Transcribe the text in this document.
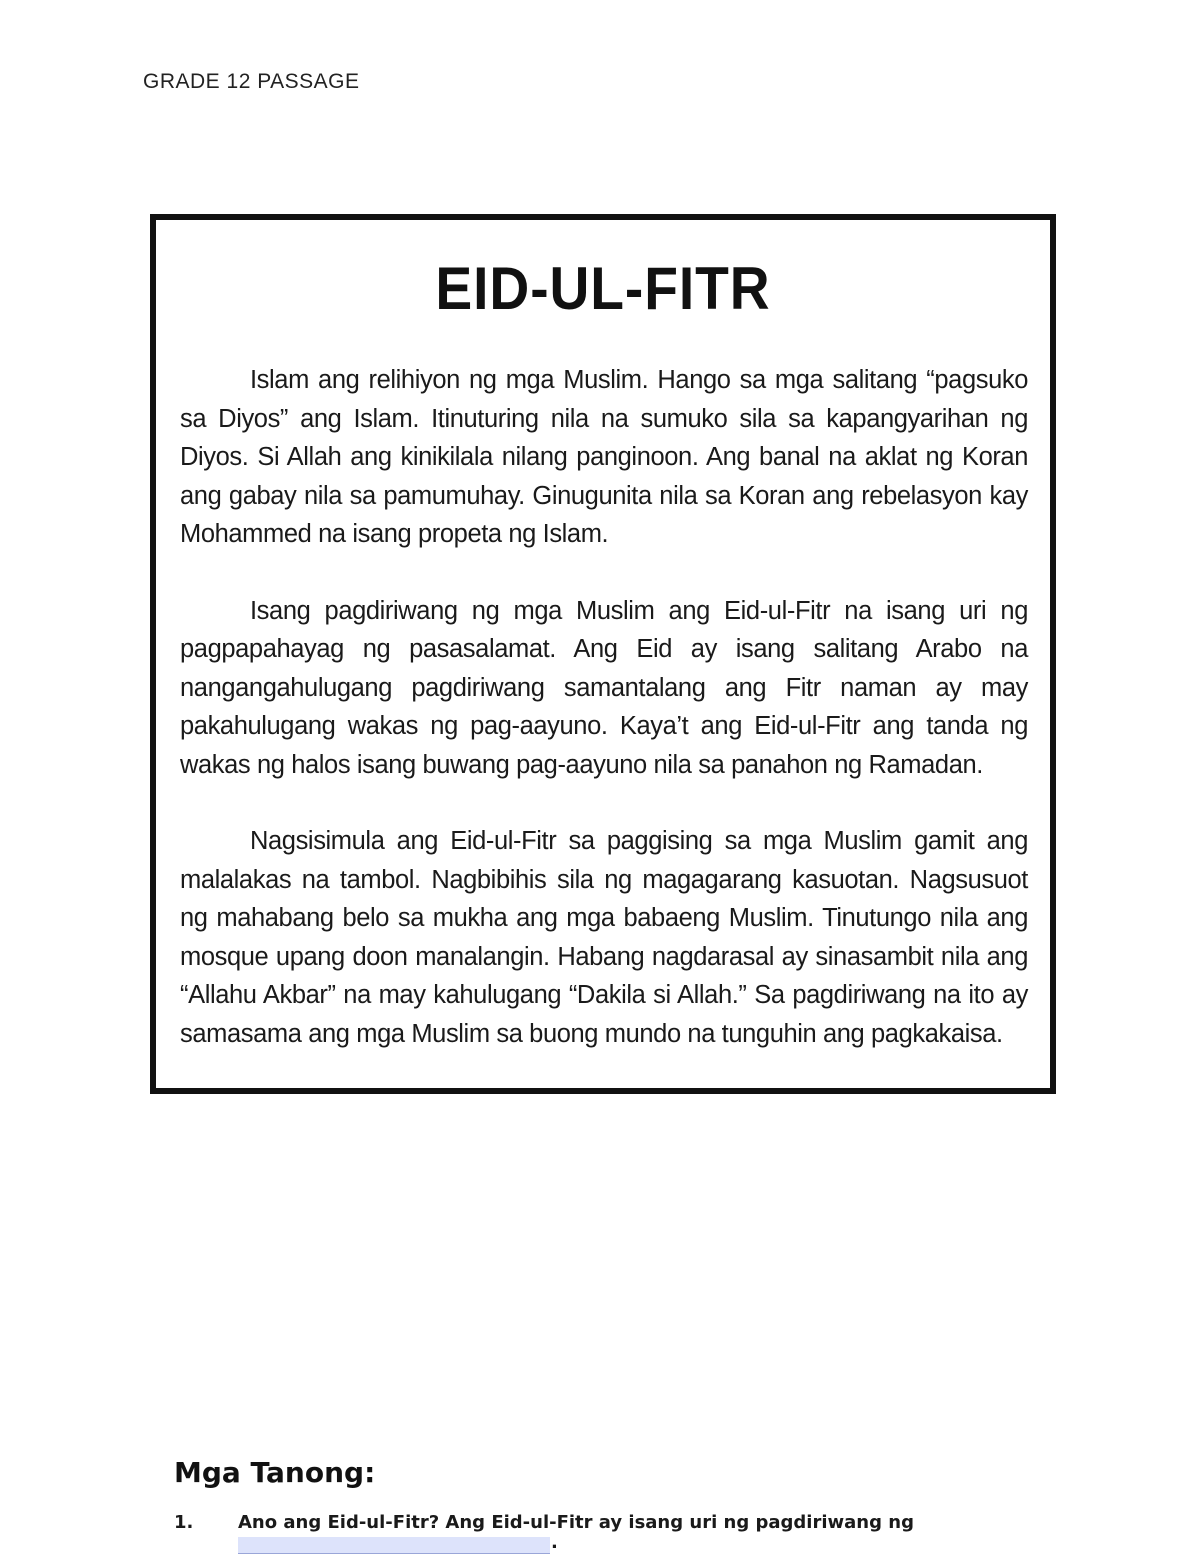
GRADE 12 PASSAGE
EID-UL-FITR

Islam ang relihiyon ng mga Muslim. Hango sa mga salitang “pagsuko sa Diyos” ang Islam. Itinuturing nila na sumuko sila sa kapangyarihan ng Diyos. Si Allah ang kinikilala nilang panginoon. Ang banal na aklat ng Koran ang gabay nila sa pamumuhay. Ginugunita nila sa Koran ang rebelasyon kay Mohammed na isang propeta ng Islam.

Isang pagdiriwang ng mga Muslim ang Eid-ul-Fitr na isang uri ng pagpapahayag ng pasasalamat. Ang Eid ay isang salitang Arabo na nangangahulugang pagdiriwang samantalang ang Fitr naman ay may pakahulugang wakas ng pag-aayuno. Kaya’t ang Eid-ul-Fitr ang tanda ng wakas ng halos isang buwang pag-aayuno nila sa panahon ng Ramadan.

Nagsisimula ang Eid-ul-Fitr sa paggising sa mga Muslim gamit ang malalakas na tambol. Nagbibihis sila ng magagarang kasuotan. Nagsusuot ng mahabang belo sa mukha ang mga babaeng Muslim. Tinutungo nila ang mosque upang doon manalangin. Habang nagdarasal ay sinasambit nila ang “Allahu Akbar” na may kahulugang “Dakila si Allah.” Sa pagdiriwang na ito ay samasama ang mga Muslim sa buong mundo na tunguhin ang pagkakaisa.

Mga Tanong:
1. Ano ang Eid-ul-Fitr? Ang Eid-ul-Fitr ay isang uri ng pagdiriwang ng
.
